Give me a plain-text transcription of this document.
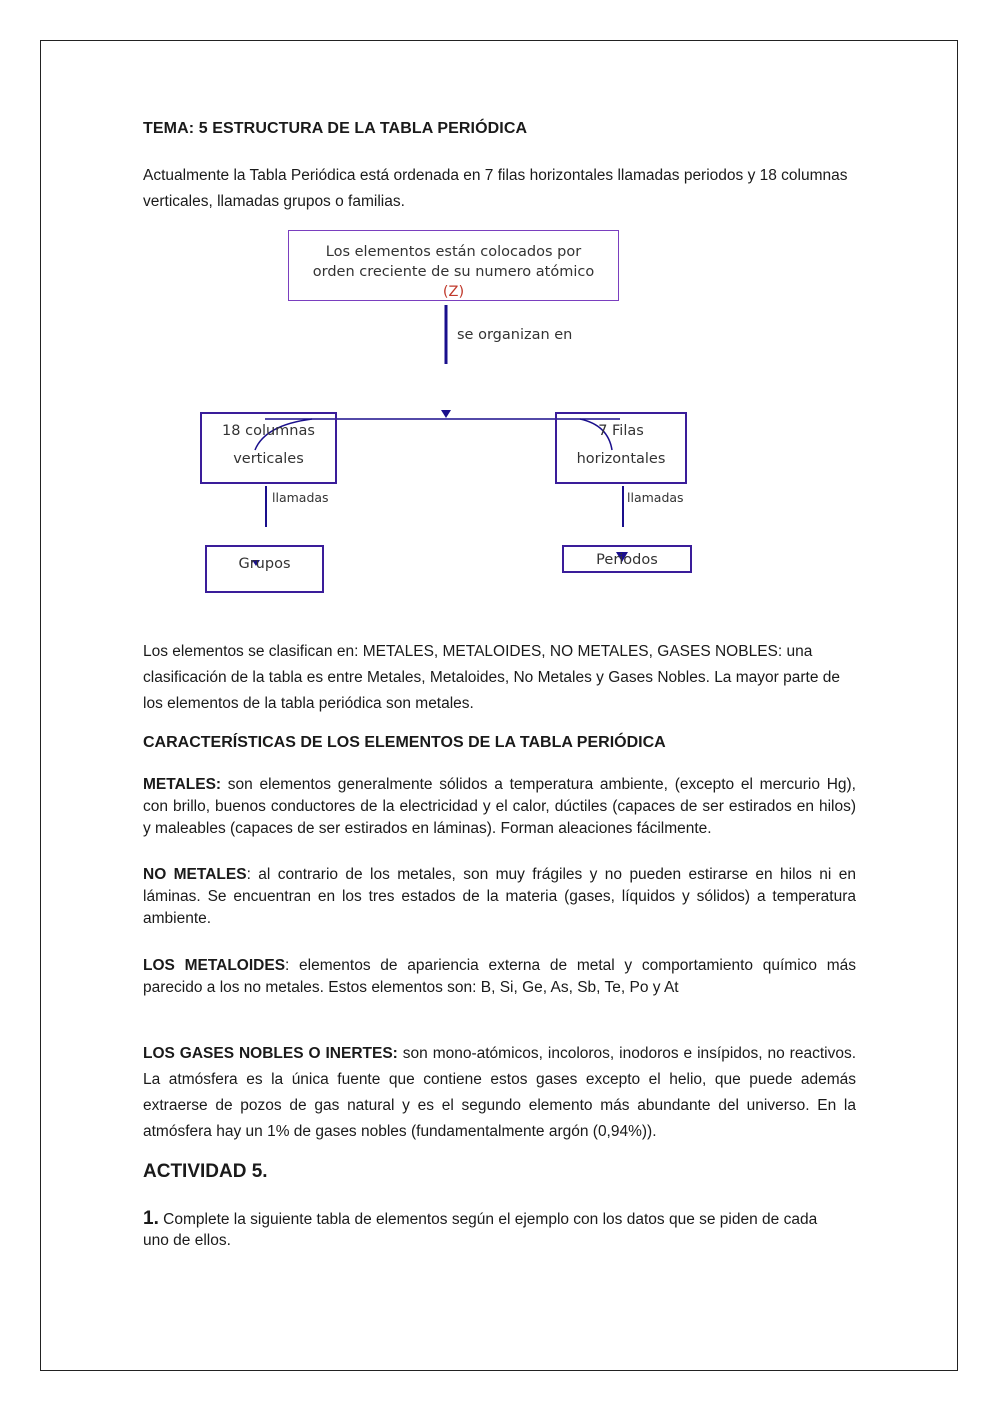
TEMA: 5 ESTRUCTURA DE LA TABLA PERIÓDICA
Actualmente la Tabla Periódica está ordenada en 7 filas horizontales llamadas periodos y 18 columnas verticales, llamadas grupos o familias.
Los elementos están colocados por
orden creciente de su numero atómico
(Z)
se organizan en
18 columnas
verticales
7 Filas
horizontales
llamadas	llamadas
Grupos	Periodos
Los elementos se clasifican en: METALES, METALOIDES, NO METALES, GASES NOBLES: una clasificación de la tabla es entre Metales, Metaloides, No Metales y Gases Nobles. La mayor parte de los elementos de la tabla periódica son metales.
CARACTERÍSTICAS DE LOS ELEMENTOS DE LA TABLA PERIÓDICA
METALES: son elementos generalmente sólidos a temperatura ambiente, (excepto el mercurio Hg), con brillo, buenos conductores de la electricidad y el calor, dúctiles (capaces de ser estirados en hilos) y maleables (capaces de ser estirados en láminas). Forman aleaciones fácilmente.
NO METALES: al contrario de los metales, son muy frágiles y no pueden estirarse en hilos ni en láminas. Se encuentran en los tres estados de la materia (gases, líquidos y sólidos) a temperatura ambiente.
LOS METALOIDES: elementos de apariencia externa de metal y comportamiento químico más parecido a los no metales. Estos elementos son: B, Si, Ge, As, Sb, Te, Po y At
LOS GASES NOBLES O INERTES: son mono-atómicos, incoloros, inodoros e insípidos, no reactivos. La atmósfera es la única fuente que contiene estos gases excepto el helio, que puede además extraerse de pozos de gas natural y es el segundo elemento más abundante del universo. En la atmósfera hay un 1% de gases nobles (fundamentalmente argón (0,94%)).
ACTIVIDAD 5.
1. Complete la siguiente tabla de elementos según el ejemplo con los datos que se piden de cada uno de ellos.
